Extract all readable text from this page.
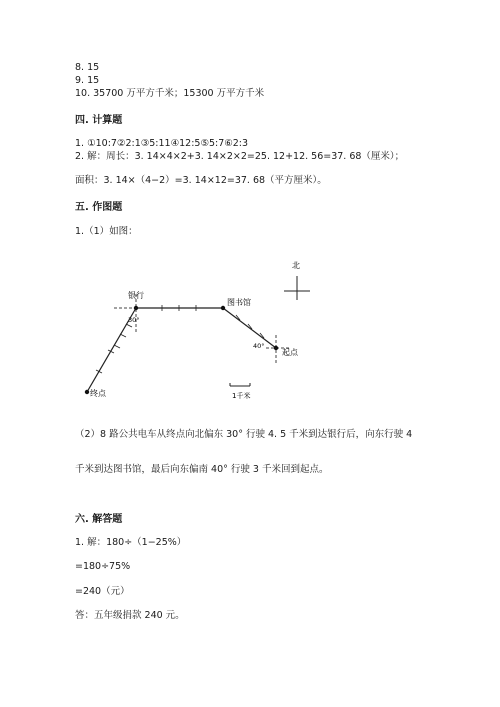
8. 15
9. 15
10. 35700 万平方千米；15300 万平方千米
四. 计算题
1. ①10:7②2:1③5:11④12:5⑤5:7⑥2:3
2. 解：周长：3. 14×4×2+3. 14×2×2=25. 12+12. 56=37. 68（厘米）；
面积：3. 14×（4−2）=3. 14×12=37. 68（平方厘米）。
五. 作图题
1.（1）如图：
北
银行
图书馆
起点
终点
40°
30°
1千米
（2）8 路公共电车从终点向北偏东 30° 行驶 4. 5 千米到达银行后，向东行驶 4
千米到达图书馆，最后向东偏南 40° 行驶 3 千米回到起点。
六. 解答题
1. 解：180÷（1−25%）
=180÷75%
=240（元）
答：五年级捐款 240 元。
